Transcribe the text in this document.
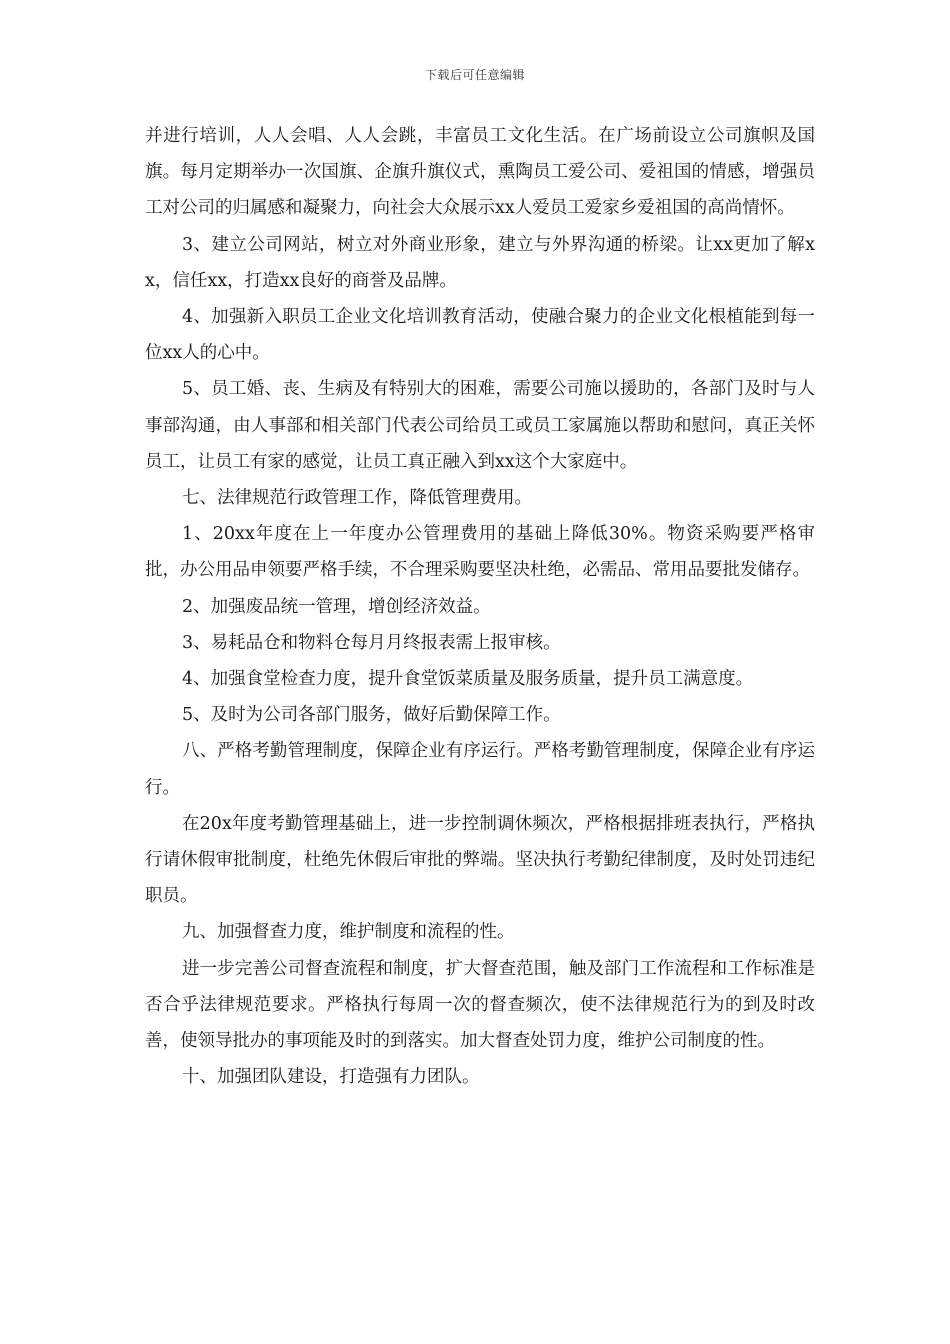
下载后可任意编辑

并进行培训，人人会唱、人人会跳，丰富员工文化生活。在广场前设立公司旗帜及国旗。每月定期举办一次国旗、企旗升旗仪式，熏陶员工爱公司、爱祖国的情感，增强员工对公司的归属感和凝聚力，向社会大众展示xx人爱员工爱家乡爱祖国的高尚情怀。

3、建立公司网站，树立对外商业形象，建立与外界沟通的桥梁。让xx更加了解xx，信任xx，打造xx良好的商誉及品牌。

4、加强新入职员工企业文化培训教育活动，使融合聚力的企业文化根植能到每一位xx人的心中。

5、员工婚、丧、生病及有特别大的困难，需要公司施以援助的，各部门及时与人事部沟通，由人事部和相关部门代表公司给员工或员工家属施以帮助和慰问，真正关怀员工，让员工有家的感觉，让员工真正融入到xx这个大家庭中。

七、法律规范行政管理工作，降低管理费用。

1、20xx年度在上一年度办公管理费用的基础上降低30%。物资采购要严格审批，办公用品申领要严格手续，不合理采购要坚决杜绝，必需品、常用品要批发储存。

2、加强废品统一管理，增创经济效益。

3、易耗品仓和物料仓每月月终报表需上报审核。

4、加强食堂检查力度，提升食堂饭菜质量及服务质量，提升员工满意度。

5、及时为公司各部门服务，做好后勤保障工作。

八、严格考勤管理制度，保障企业有序运行。严格考勤管理制度，保障企业有序运行。

在20x年度考勤管理基础上，进一步控制调休频次，严格根据排班表执行，严格执行请休假审批制度，杜绝先休假后审批的弊端。坚决执行考勤纪律制度，及时处罚违纪职员。

九、加强督查力度，维护制度和流程的性。

进一步完善公司督查流程和制度，扩大督查范围，触及部门工作流程和工作标准是否合乎法律规范要求。严格执行每周一次的督查频次，使不法律规范行为的到及时改善，使领导批办的事项能及时的到落实。加大督查处罚力度，维护公司制度的性。

十、加强团队建设，打造强有力团队。
